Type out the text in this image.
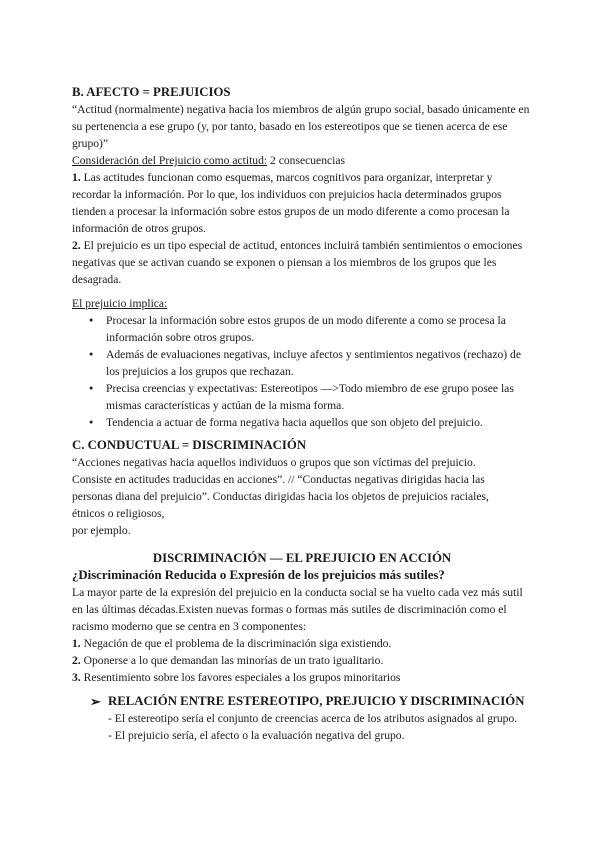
B. AFECTO = PREJUICIOS
“Actitud (normalmente) negativa hacia los miembros de algún grupo social, basado únicamente en su pertenencia a ese grupo (y, por tanto, basado en los estereotipos que se tienen acerca de ese grupo)”
Consideración del Prejuicio como actitud: 2 consecuencias
1. Las actitudes funcionan como esquemas, marcos cognitivos para organizar, interpretar y recordar la información. Por lo que, los individuos con prejuicios hacia determinados grupos tienden a procesar la información sobre estos grupos de un modo diferente a como procesan la información de otros grupos.
2. El prejuicio es un tipo especial de actitud, entonces incluirá también sentimientos o emociones negativas que se activan cuando se exponen o piensan a los miembros de los grupos que les desagrada.
El prejuicio implica:
● Procesar la información sobre estos grupos de un modo diferente a como se procesa la información sobre otros grupos.
● Además de evaluaciones negativas, incluye afectos y sentimientos negativos (rechazo) de los prejuicios a los grupos que rechazan.
● Precisa creencias y expectativas: Estereotipos —>Todo miembro de ese grupo posee las mismas características y actúan de la misma forma.
● Tendencia a actuar de forma negativa hacia aquellos que son objeto del prejuicio.
C. CONDUCTUAL = DISCRIMINACIÓN
“Acciones negativas hacia aquellos individuos o grupos que son víctimas del prejuicio.
Consiste en actitudes traducidas en acciones”. // “Conductas negativas dirigidas hacia las
personas diana del prejuicio”. Conductas dirigidas hacia los objetos de prejuicios raciales,
étnicos o religiosos,
por ejemplo.
DISCRIMINACIÓN — EL PREJUICIO EN ACCIÓN
¿Discriminación Reducida o Expresión de los prejuicios más sutiles?
La mayor parte de la expresión del prejuicio en la conducta social se ha vuelto cada vez más sutil en las últimas décadas.Existen nuevas formas o formas más sutiles de discriminación como el racismo moderno que se centra en 3 componentes:
1. Negación de que el problema de la discriminación siga existiendo.
2. Oponerse a lo que demandan las minorías de un trato igualitario.
3. Resentimiento sobre los favores especiales a los grupos minoritarios
➢ RELACIÓN ENTRE ESTEREOTIPO, PREJUICIO Y DISCRIMINACIÓN
- El estereotipo sería el conjunto de creencias acerca de los atributos asignados al grupo.
- El prejuicio sería, el afecto o la evaluación negativa del grupo.
